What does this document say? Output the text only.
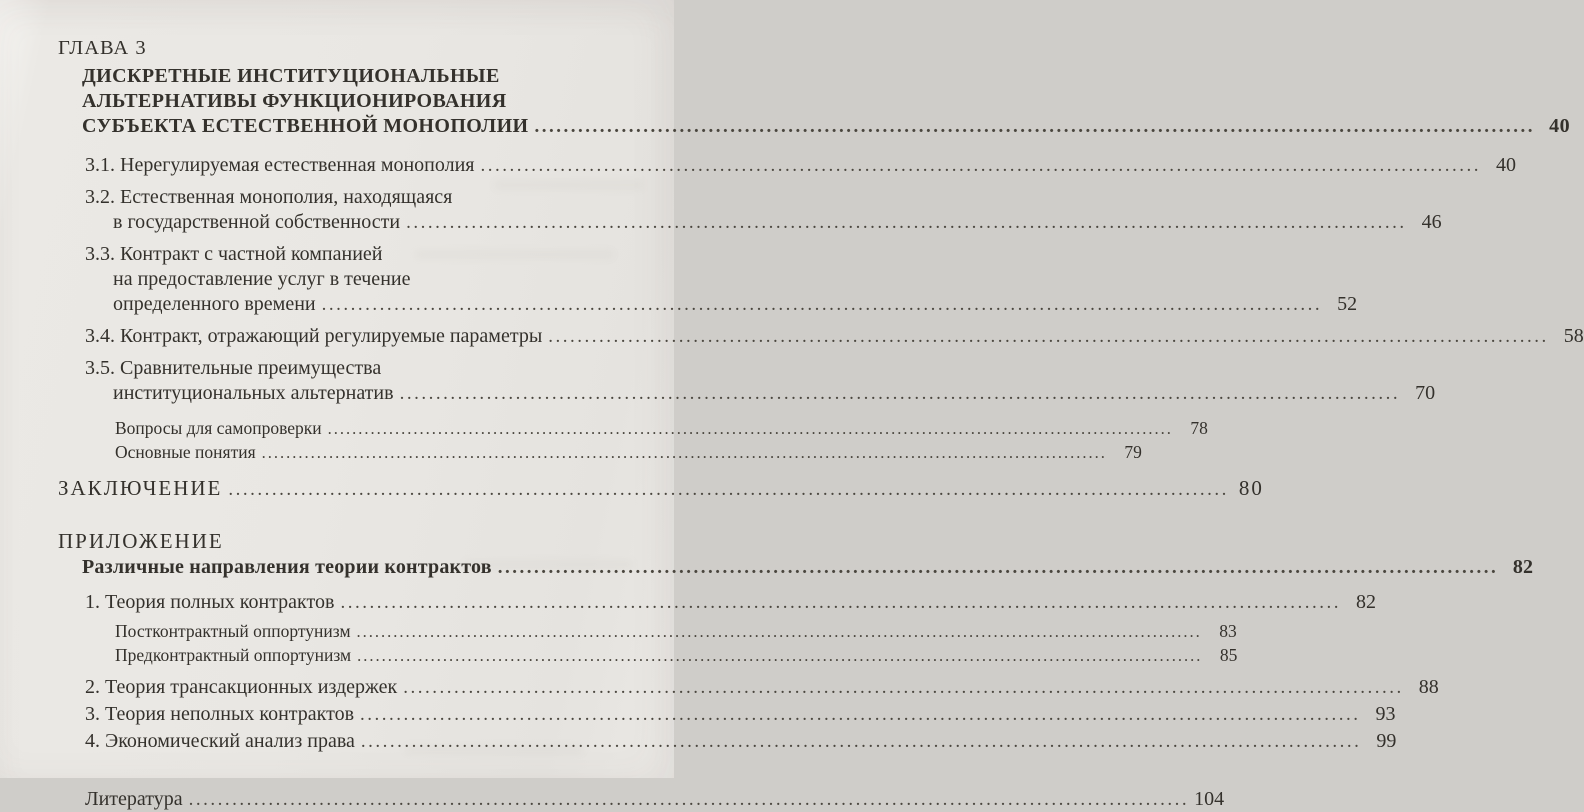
ГЛАВА 3
ДИСКРЕТНЫЕ ИНСТИТУЦИОНАЛЬНЫЕ
АЛЬТЕРНАТИВЫ ФУНКЦИОНИРОВАНИЯ
СУБЪЕКТА ЕСТЕСТВЕННОЙ МОНОПОЛИИ .....	40
3.1. Нерегулируемая естественная монополия .....	40
3.2. Естественная монополия, находящаяся
в государственной собственности .....	46
3.3. Контракт с частной компанией
на предоставление услуг в течение
определенного времени .....	52
3.4. Контракт, отражающий регулируемые параметры .....	58
3.5. Сравнительные преимущества
институциональных альтернатив .....	70
Вопросы для самопроверки .....	78
Основные понятия .....	79
ЗАКЛЮЧЕНИЕ .....	80
ПРИЛОЖЕНИЕ
Различные направления теории контрактов .....	82
1. Теория полных контрактов .....	82
Постконтрактный оппортунизм .....	83
Предконтрактный оппортунизм .....	85
2. Теория трансакционных издержек .....	88
3. Теория неполных контрактов .....	93
4. Экономический анализ права .....	99
Литература .....	104
